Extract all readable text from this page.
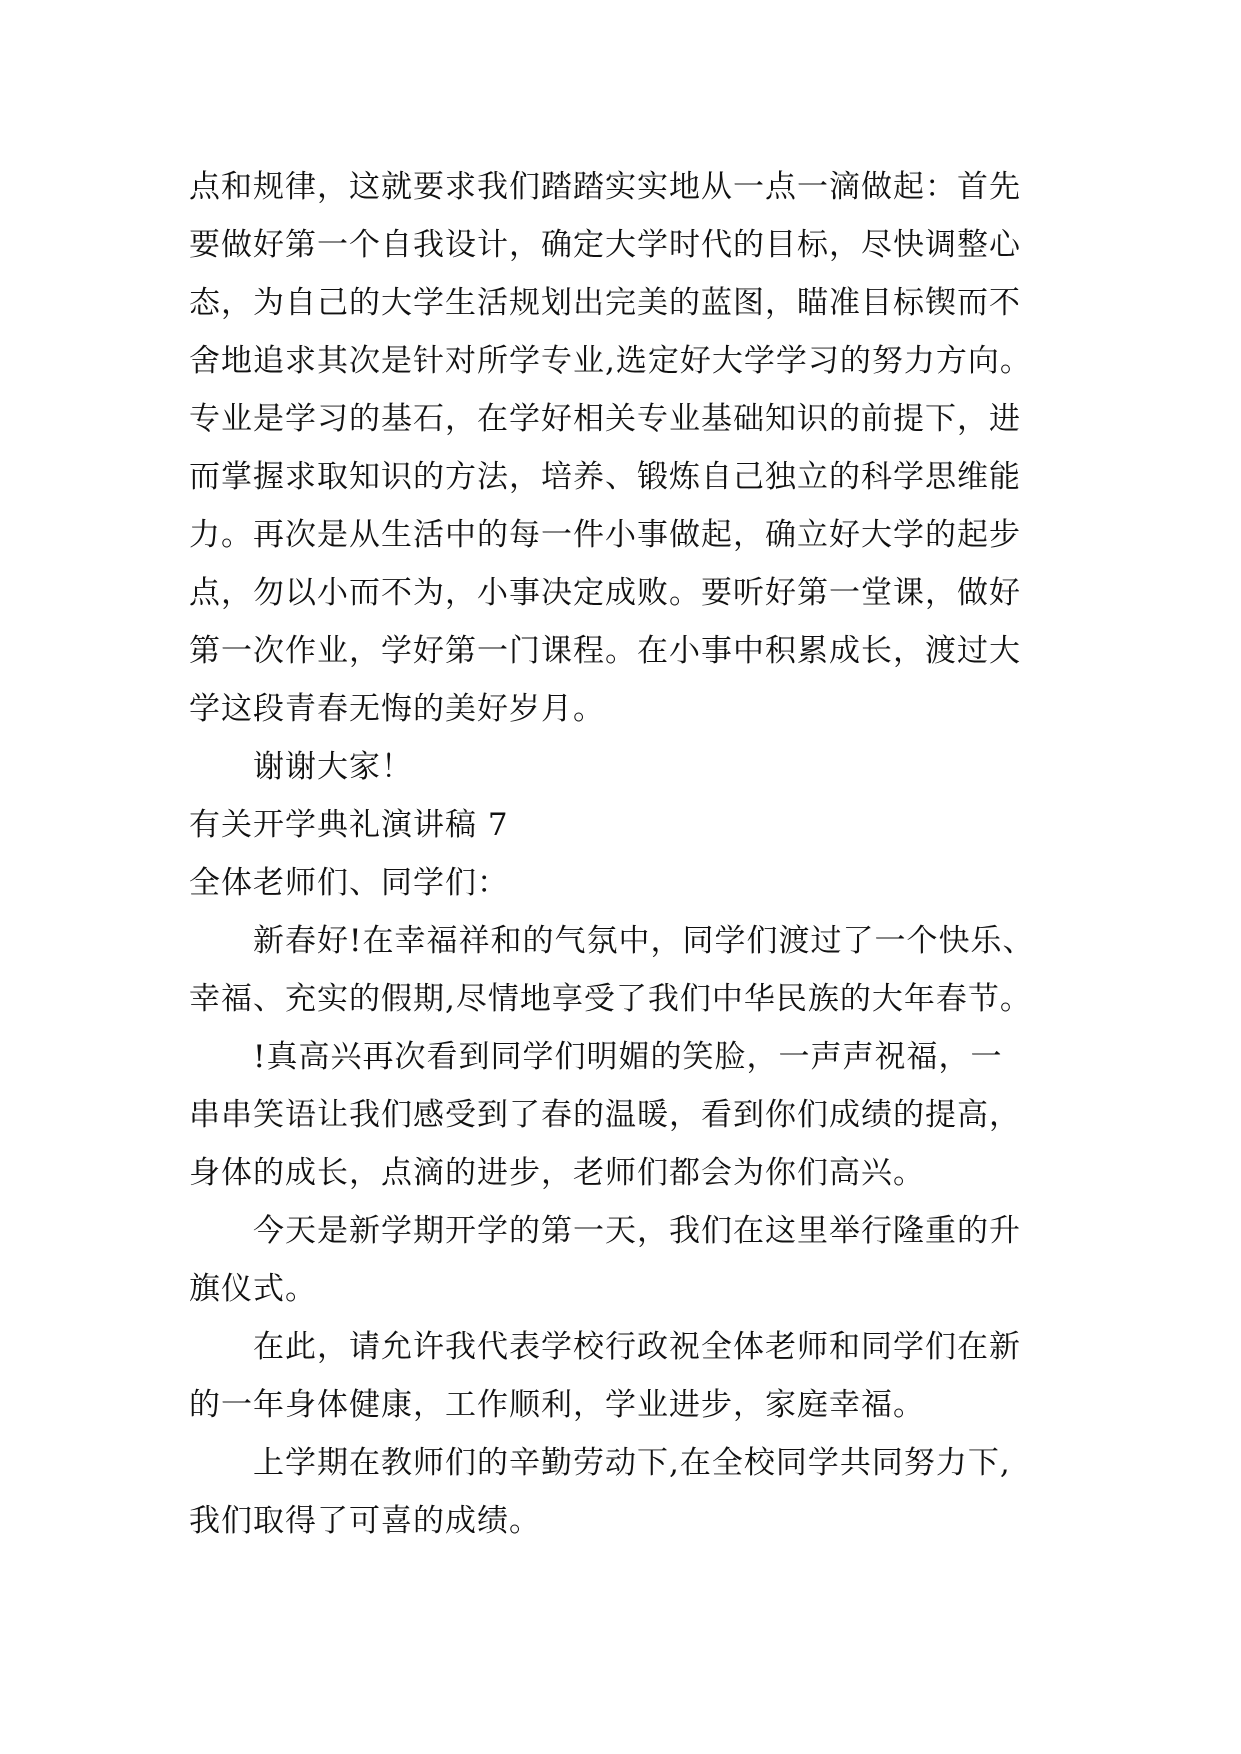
点和规律，这就要求我们踏踏实实地从一点一滴做起：首先
要做好第一个自我设计，确定大学时代的目标，尽快调整心
态，为自己的大学生活规划出完美的蓝图，瞄准目标锲而不
舍地追求其次是针对所学专业,选定好大学学习的努力方向。
专业是学习的基石，在学好相关专业基础知识的前提下，进
而掌握求取知识的方法，培养、锻炼自己独立的科学思维能
力。再次是从生活中的每一件小事做起，确立好大学的起步
点，勿以小而不为，小事决定成败。要听好第一堂课，做好
第一次作业，学好第一门课程。在小事中积累成长，渡过大
学这段青春无悔的美好岁月。
谢谢大家！
有关开学典礼演讲稿 7
全体老师们、同学们：
新春好!在幸福祥和的气氛中，同学们渡过了一个快乐、
幸福、充实的假期,尽情地享受了我们中华民族的大年春节。
!真高兴再次看到同学们明媚的笑脸，一声声祝福，一
串串笑语让我们感受到了春的温暖，看到你们成绩的提高，
身体的成长，点滴的进步，老师们都会为你们高兴。
今天是新学期开学的第一天，我们在这里举行隆重的升
旗仪式。
在此，请允许我代表学校行政祝全体老师和同学们在新
的一年身体健康，工作顺利，学业进步，家庭幸福。
上学期在教师们的辛勤劳动下,在全校同学共同努力下,
我们取得了可喜的成绩。
